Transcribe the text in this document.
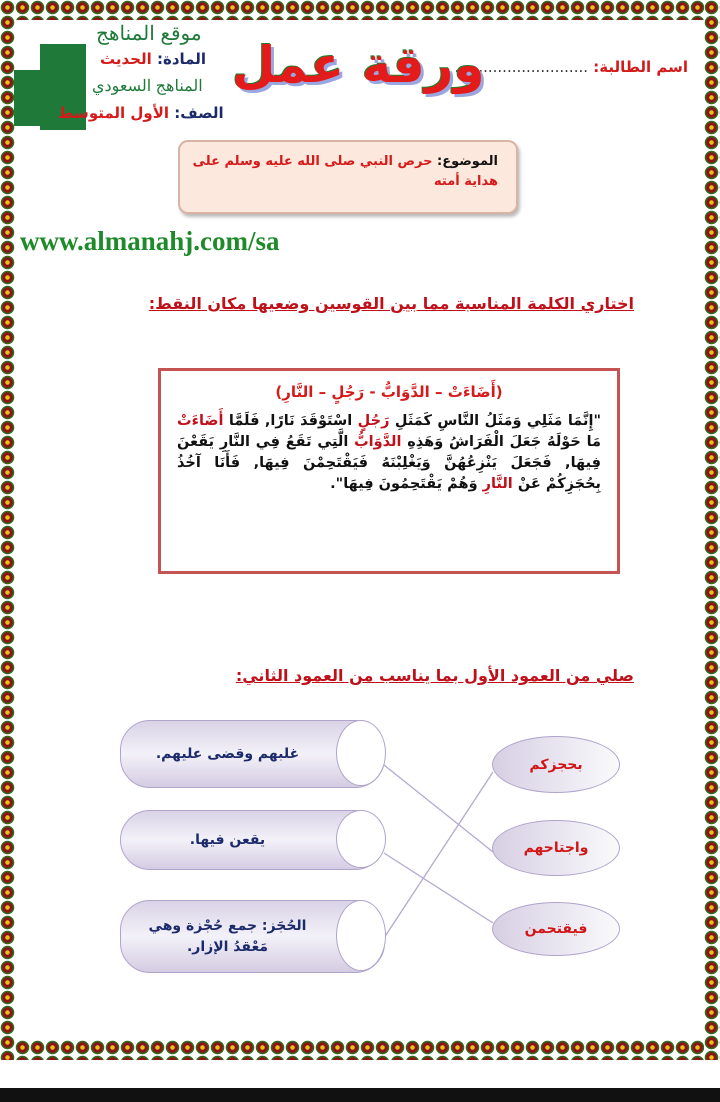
اسم الطالبة: ............................
ورقة عمل
موقع المناهج
المادة: الحديث
المناهج السعودي
الصف: الأول المتوسط
الموضوع: حرص النبي صلى الله عليه وسلم على هداية أمته
www.almanahj.com/sa
اختاري الكلمة المناسبة مما بين القوسين وضعيها مكان النقط:
(أَضَاءَتْ – الدَّوَابُّ - رَجُلٍ – النَّارِ)
"إِنَّمَا مَثَلِي وَمَثَلُ النَّاسِ كَمَثَلِ رَجُلٍ اسْتَوْقَدَ نَارًا, فَلَمَّا أَضَاءَتْ مَا حَوْلَهُ جَعَلَ الْفَرَاشُ وَهَذِهِ الدَّوَابُّ الَّتِي تَقَعُ فِي النَّارِ يَقَعْنَ فِيهَا, فَجَعَلَ يَنْزِعُهُنَّ وَيَغْلِبْنَهُ فَيَقْتَحِمْنَ فِيهَا, فَأَنَا آخُذُ بِحُجَزِكُمْ عَنْ النَّارِ وَهُمْ يَقْتَحِمُونَ فِيهَا".
صلي من العمود الأول بما يناسب من العمود الثاني:
غلبهم وقضى عليهم.
يقعن فيها.
الحُجَز: جمع حُجْزة وهي مَعْقدُ الإزار.
بحجزكم
واجتاحهم
فيقتحمن
